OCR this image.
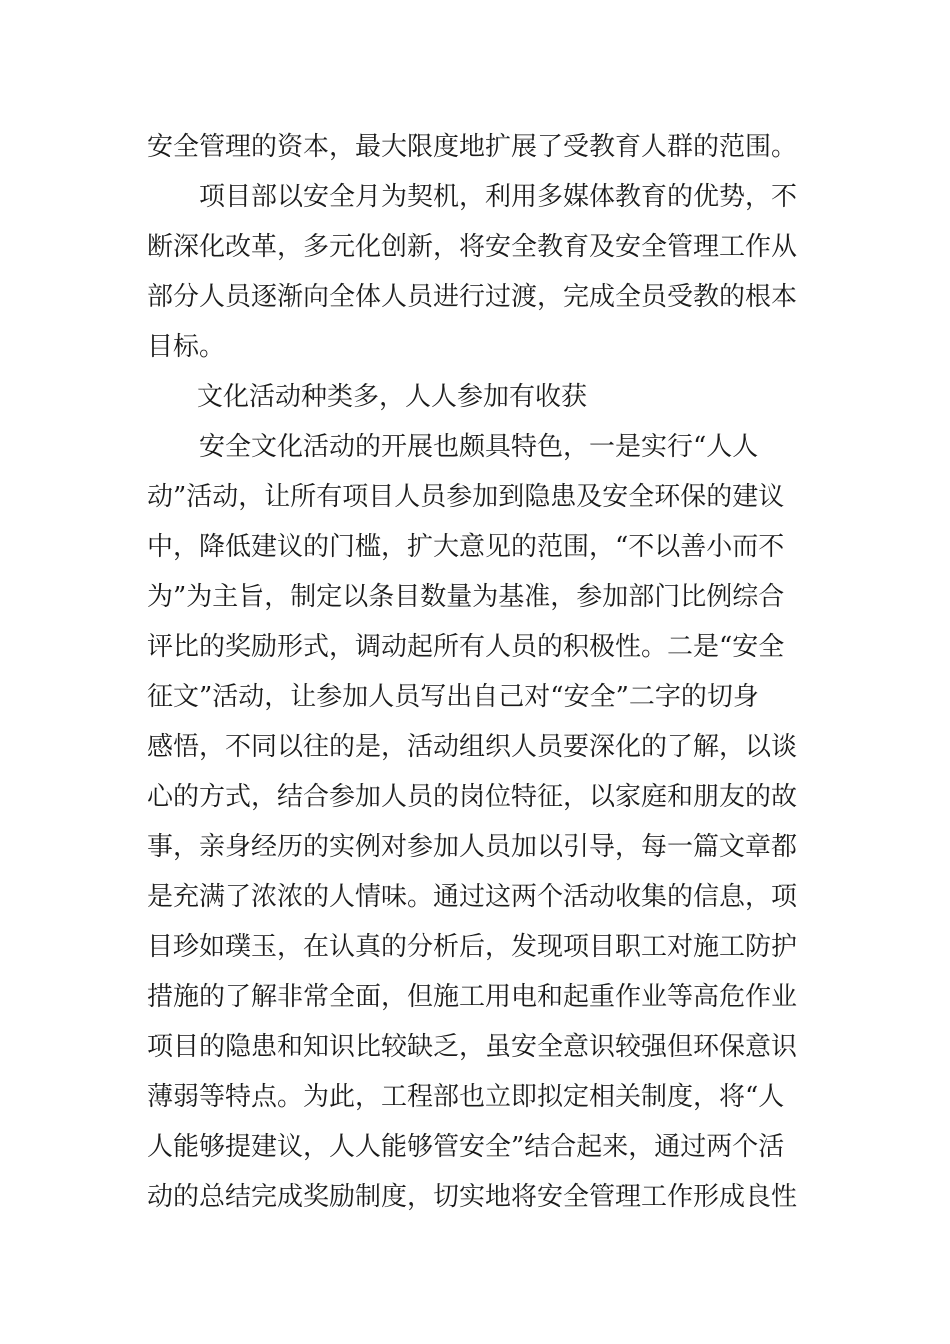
安全管理的资本，最大限度地扩展了受教育人群的范围。
项目部以安全月为契机，利用多媒体教育的优势，不
断深化改革，多元化创新，将安全教育及安全管理工作从
部分人员逐渐向全体人员进行过渡，完成全员受教的根本
目标。
文化活动种类多，人人参加有收获
安全文化活动的开展也颇具特色，一是实行“人人
动”活动，让所有项目人员参加到隐患及安全环保的建议
中，降低建议的门槛，扩大意见的范围，“不以善小而不
为”为主旨，制定以条目数量为基准，参加部门比例综合
评比的奖励形式，调动起所有人员的积极性。二是“安全
征文”活动，让参加人员写出自己对“安全”二字的切身
感悟，不同以往的是，活动组织人员要深化的了解，以谈
心的方式，结合参加人员的岗位特征，以家庭和朋友的故
事，亲身经历的实例对参加人员加以引导，每一篇文章都
是充满了浓浓的人情味。通过这两个活动收集的信息，项
目珍如璞玉，在认真的分析后，发现项目职工对施工防护
措施的了解非常全面，但施工用电和起重作业等高危作业
项目的隐患和知识比较缺乏，虽安全意识较强但环保意识
薄弱等特点。为此，工程部也立即拟定相关制度，将“人
人能够提建议，人人能够管安全”结合起来，通过两个活
动的总结完成奖励制度，切实地将安全管理工作形成良性
